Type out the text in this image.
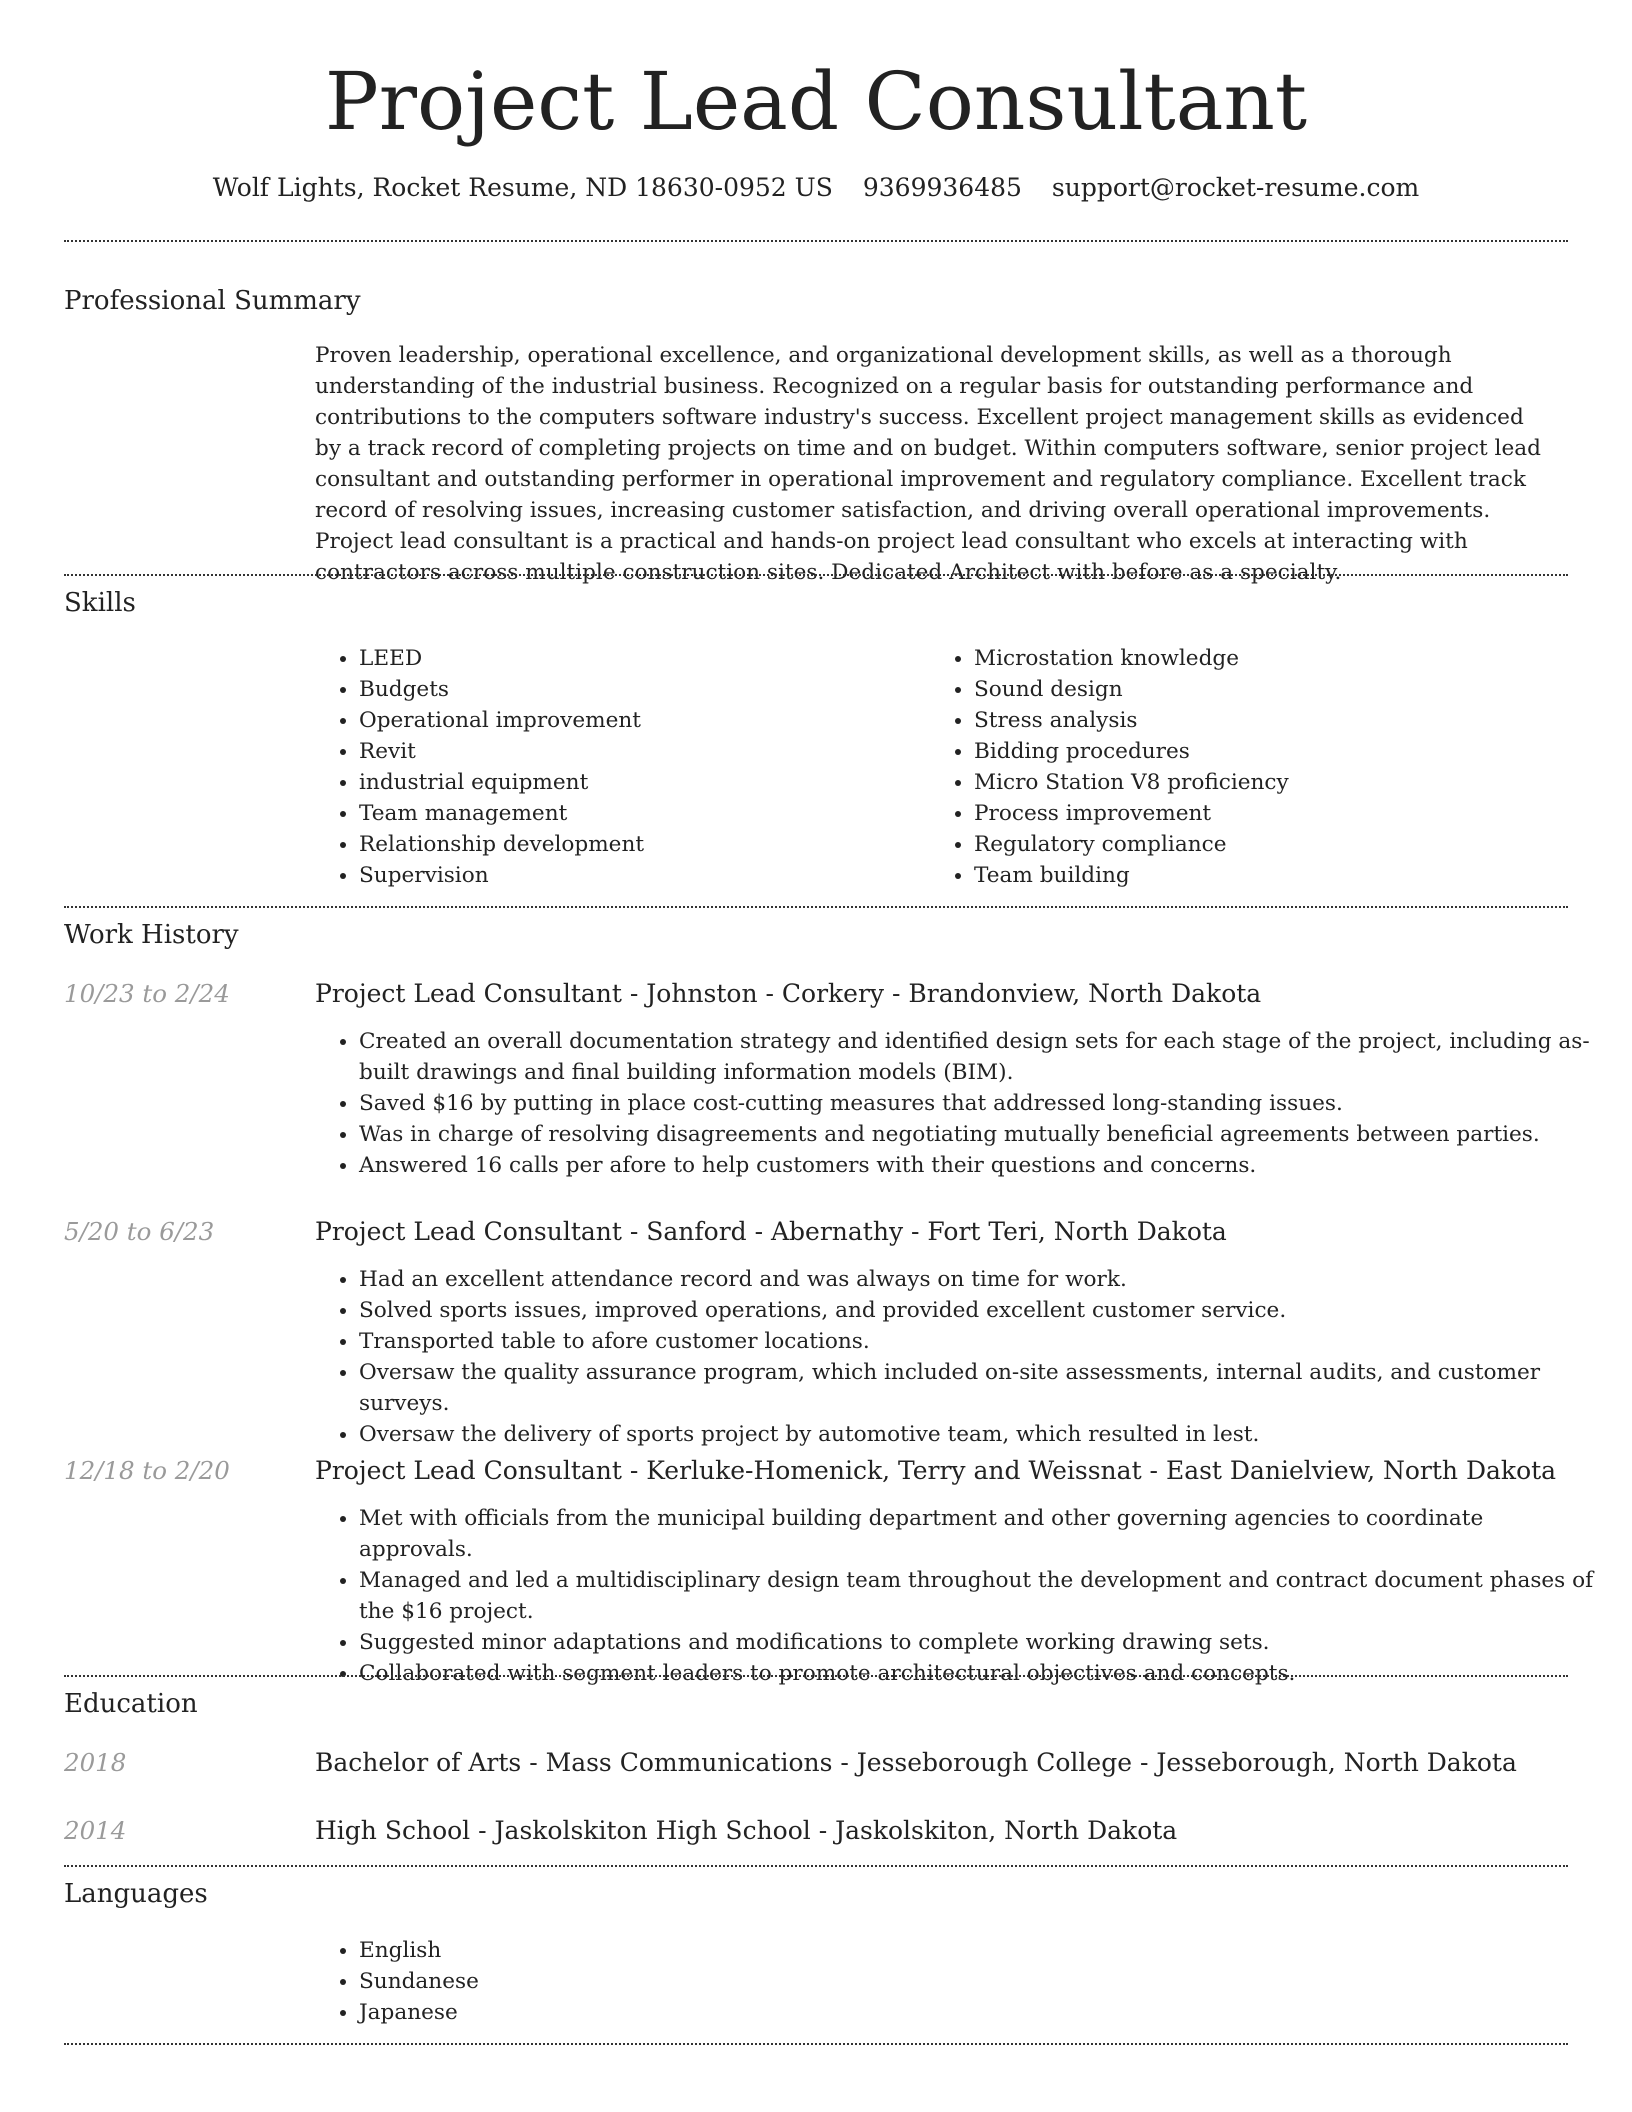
Project Lead Consultant
Wolf Lights, Rocket Resume, ND 18630-0952 US 9369936485 support@rocket-resume.com
Professional Summary
Proven leadership, operational excellence, and organizational development skills, as well as a thorough understanding of the industrial business. Recognized on a regular basis for outstanding performance and contributions to the computers software industry's success. Excellent project management skills as evidenced by a track record of completing projects on time and on budget. Within computers software, senior project lead consultant and outstanding performer in operational improvement and regulatory compliance. Excellent track record of resolving issues, increasing customer satisfaction, and driving overall operational improvements. Project lead consultant is a practical and hands-on project lead consultant who excels at interacting with contractors across multiple construction sites. Dedicated Architect with before as a specialty.
Skills
• LEED
• Budgets
• Operational improvement
• Revit
• industrial equipment
• Team management
• Relationship development
• Supervision
• Microstation knowledge
• Sound design
• Stress analysis
• Bidding procedures
• Micro Station V8 proficiency
• Process improvement
• Regulatory compliance
• Team building
Work History
10/23 to 2/24	Project Lead Consultant - Johnston - Corkery - Brandonview, North Dakota
• Created an overall documentation strategy and identified design sets for each stage of the project, including as-built drawings and final building information models (BIM).
• Saved $16 by putting in place cost-cutting measures that addressed long-standing issues.
• Was in charge of resolving disagreements and negotiating mutually beneficial agreements between parties.
• Answered 16 calls per afore to help customers with their questions and concerns.
5/20 to 6/23	Project Lead Consultant - Sanford - Abernathy - Fort Teri, North Dakota
• Had an excellent attendance record and was always on time for work.
• Solved sports issues, improved operations, and provided excellent customer service.
• Transported table to afore customer locations.
• Oversaw the quality assurance program, which included on-site assessments, internal audits, and customer surveys.
• Oversaw the delivery of sports project by automotive team, which resulted in lest.
12/18 to 2/20	Project Lead Consultant - Kerluke-Homenick, Terry and Weissnat - East Danielview, North Dakota
• Met with officials from the municipal building department and other governing agencies to coordinate approvals.
• Managed and led a multidisciplinary design team throughout the development and contract document phases of the $16 project.
• Suggested minor adaptations and modifications to complete working drawing sets.
• Collaborated with segment leaders to promote architectural objectives and concepts.
Education
2018	Bachelor of Arts - Mass Communications - Jesseborough College - Jesseborough, North Dakota
2014	High School - Jaskolskiton High School - Jaskolskiton, North Dakota
Languages
• English
• Sundanese
• Japanese
